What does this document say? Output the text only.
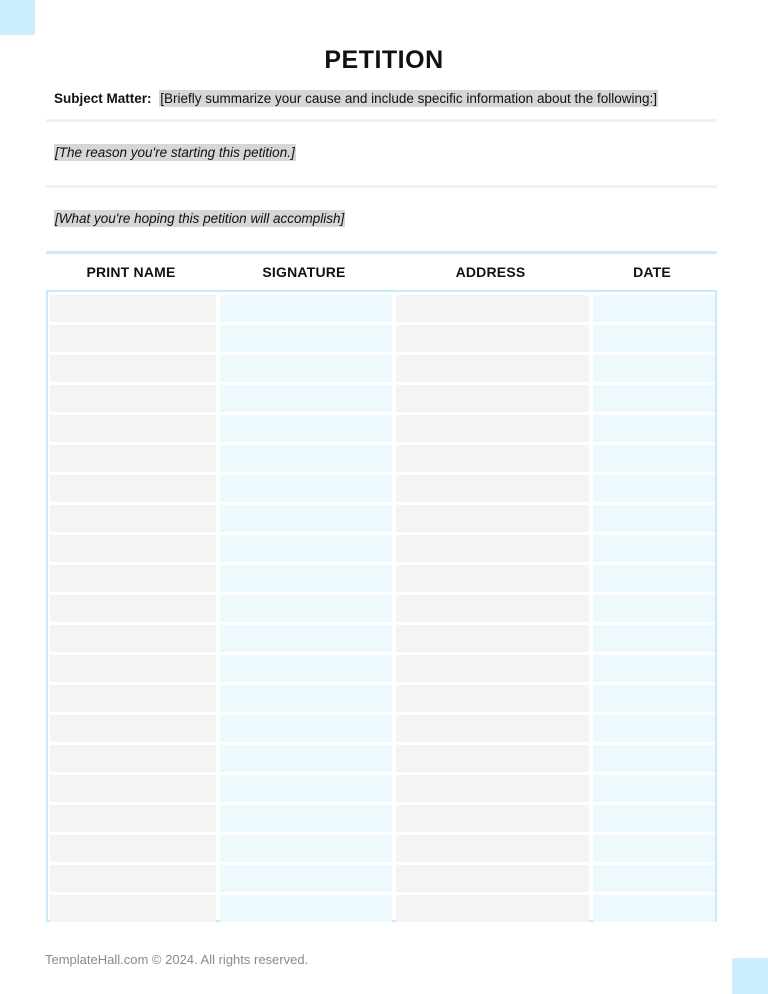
PETITION
Subject Matter: [Briefly summarize your cause and include specific information about the following:]
[The reason you're starting this petition.]
[What you're hoping this petition will accomplish]
PRINT NAME	SIGNATURE	ADDRESS	DATE
TemplateHall.com © 2024. All rights reserved.
